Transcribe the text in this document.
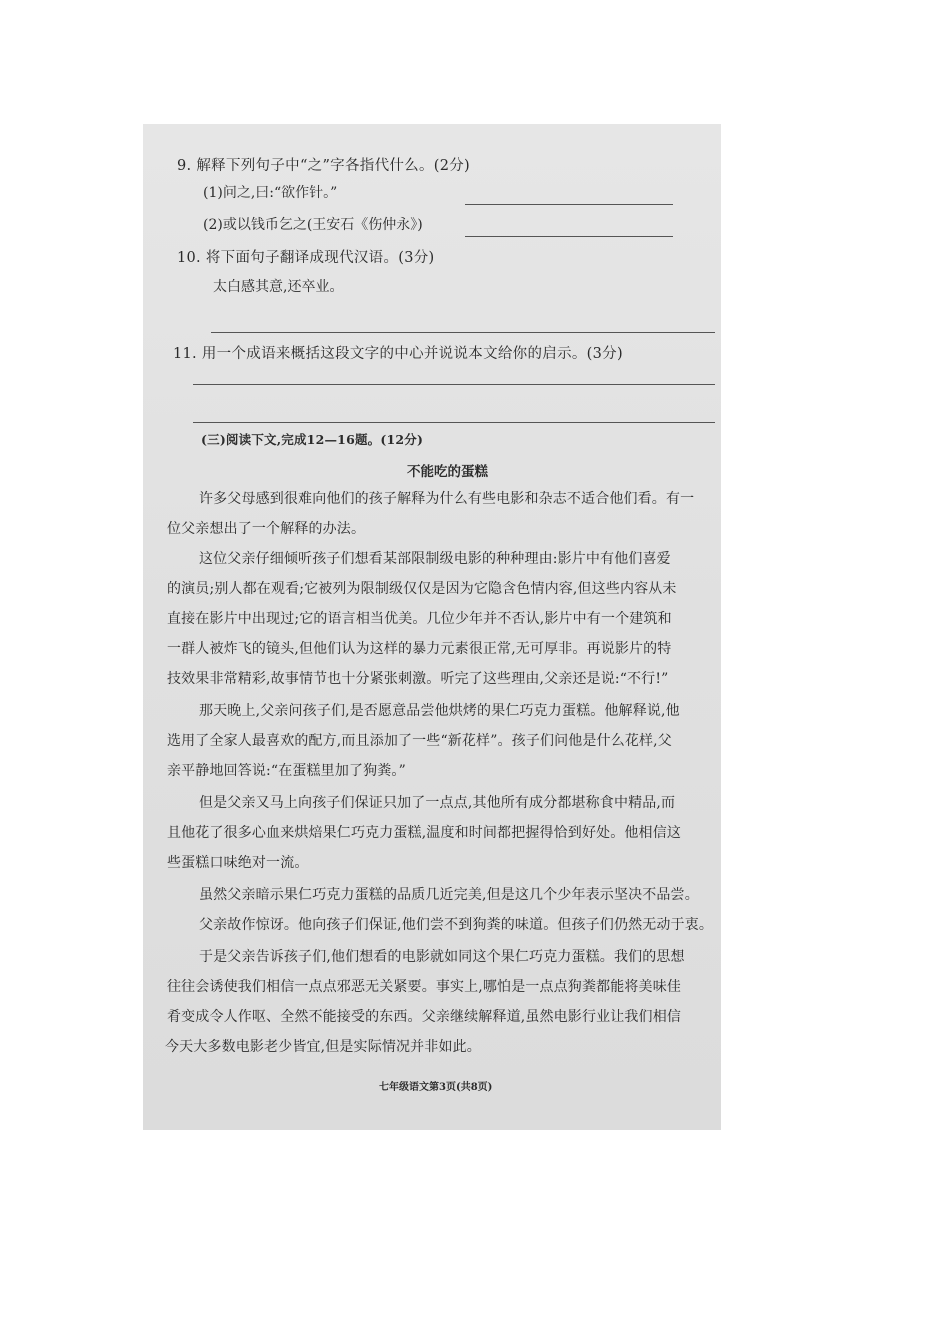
9. 解释下列句子中“之”字各指代什么。(2分)
(1)问之,曰:“欲作针。”
(2)或以钱币乞之(王安石《伤仲永》)
10. 将下面句子翻译成现代汉语。(3分)
太白感其意,还卒业。
11. 用一个成语来概括这段文字的中心并说说本文给你的启示。(3分)
(三)阅读下文,完成12—16题。(12分)
不能吃的蛋糕
许多父母感到很难向他们的孩子解释为什么有些电影和杂志不适合他们看。有一
位父亲想出了一个解释的办法。
这位父亲仔细倾听孩子们想看某部限制级电影的种种理由:影片中有他们喜爱
的演员;别人都在观看;它被列为限制级仅仅是因为它隐含色情内容,但这些内容从未
直接在影片中出现过;它的语言相当优美。几位少年并不否认,影片中有一个建筑和
一群人被炸飞的镜头,但他们认为这样的暴力元素很正常,无可厚非。再说影片的特
技效果非常精彩,故事情节也十分紧张刺激。听完了这些理由,父亲还是说:“不行!”
那天晚上,父亲问孩子们,是否愿意品尝他烘烤的果仁巧克力蛋糕。他解释说,他
选用了全家人最喜欢的配方,而且添加了一些“新花样”。孩子们问他是什么花样,父
亲平静地回答说:“在蛋糕里加了狗粪。”
但是父亲又马上向孩子们保证只加了一点点,其他所有成分都堪称食中精品,而
且他花了很多心血来烘焙果仁巧克力蛋糕,温度和时间都把握得恰到好处。他相信这
些蛋糕口味绝对一流。
虽然父亲暗示果仁巧克力蛋糕的品质几近完美,但是这几个少年表示坚决不品尝。
父亲故作惊讶。他向孩子们保证,他们尝不到狗粪的味道。但孩子们仍然无动于衷。
于是父亲告诉孩子们,他们想看的电影就如同这个果仁巧克力蛋糕。我们的思想
往往会诱使我们相信一点点邪恶无关紧要。事实上,哪怕是一点点狗粪都能将美味佳
肴变成令人作呕、全然不能接受的东西。父亲继续解释道,虽然电影行业让我们相信
今天大多数电影老少皆宜,但是实际情况并非如此。
七年级语文第3页(共8页)
